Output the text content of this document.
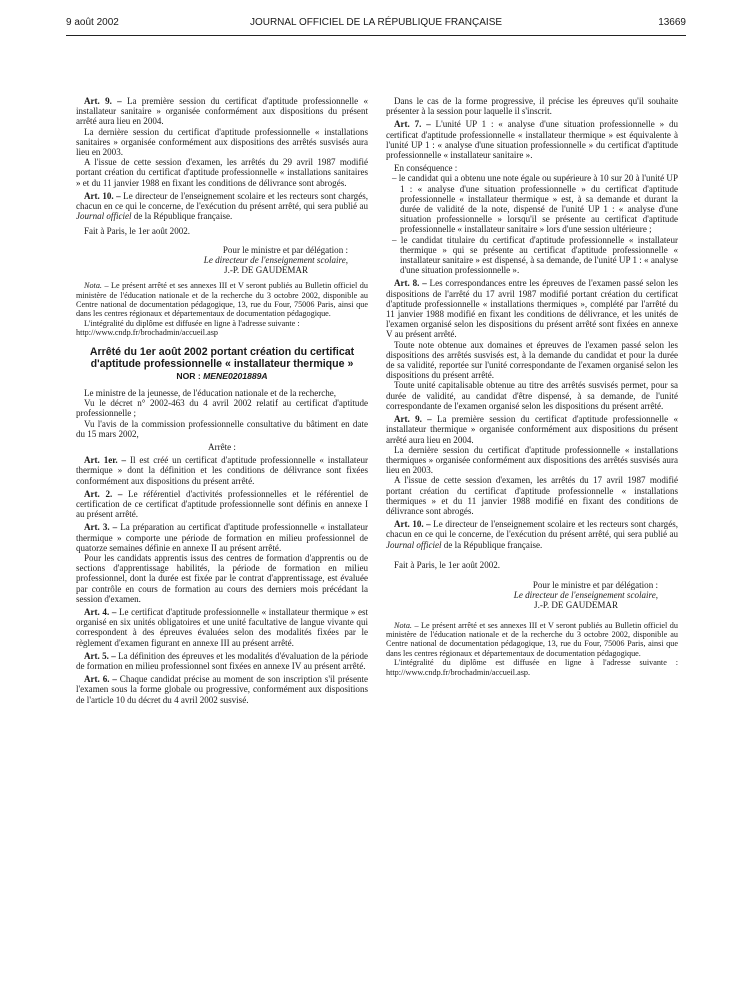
9 août 2002	JOURNAL OFFICIEL DE LA RÉPUBLIQUE FRANÇAISE	13669

Art. 9. – La première session du certificat d'aptitude professionnelle « installateur sanitaire » organisée conformément aux dispositions du présent arrêté aura lieu en 2004.

La dernière session du certificat d'aptitude professionnelle « installations sanitaires » organisée conformément aux dispositions des arrêtés susvisés aura lieu en 2003.

A l'issue de cette session d'examen, les arrêtés du 29 avril 1987 modifié portant création du certificat d'aptitude professionnelle « installations sanitaires » et du 11 janvier 1988 en fixant les conditions de délivrance sont abrogés.

Art. 10. – Le directeur de l'enseignement scolaire et les recteurs sont chargés, chacun en ce qui le concerne, de l'exécution du présent arrêté, qui sera publié au Journal officiel de la République française.

Fait à Paris, le 1er août 2002.

Pour le ministre et par délégation :

Le directeur de l'enseignement scolaire,

J.-P. DE GAUDEMAR

Nota. – Le présent arrêté et ses annexes III et V seront publiés au Bulletin officiel du ministère de l'éducation nationale et de la recherche du 3 octobre 2002, disponible au Centre national de documentation pédagogique, 13, rue du Four, 75006 Paris, ainsi que dans les centres régionaux et départementaux de documentation pédagogique.

L'intégralité du diplôme est diffusée en ligne à l'adresse suivante :

http://www.cndp.fr/brochadmin/accueil.asp

Arrêté du 1er août 2002 portant création du certificat d'aptitude professionnelle « installateur thermique »
NOR : MENE0201889A

Le ministre de la jeunesse, de l'éducation nationale et de la recherche,

Vu le décret n° 2002-463 du 4 avril 2002 relatif au certificat d'aptitude professionnelle ;

Vu l'avis de la commission professionnelle consultative du bâtiment en date du 15 mars 2002,

Arrête :

Art. 1er. – Il est créé un certificat d'aptitude professionnelle « installateur thermique » dont la définition et les conditions de délivrance sont fixées conformément aux dispositions du présent arrêté.

Art. 2. – Le référentiel d'activités professionnelles et le référentiel de certification de ce certificat d'aptitude professionnelle sont définis en annexe I au présent arrêté.

Art. 3. – La préparation au certificat d'aptitude professionnelle « installateur thermique » comporte une période de formation en milieu professionnel de quatorze semaines définie en annexe II au présent arrêté.

Pour les candidats apprentis issus des centres de formation d'apprentis ou de sections d'apprentissage habilités, la période de formation en milieu professionnel, dont la durée est fixée par le contrat d'apprentissage, est évaluée par contrôle en cours de formation au cours des derniers mois précédant la session d'examen.

Art. 4. – Le certificat d'aptitude professionnelle « installateur thermique » est organisé en six unités obligatoires et une unité facultative de langue vivante qui correspondent à des épreuves évaluées selon des modalités fixées par le règlement d'examen figurant en annexe III au présent arrêté.

Art. 5. – La définition des épreuves et les modalités d'évaluation de la période de formation en milieu professionnel sont fixées en annexe IV au présent arrêté.

Art. 6. – Chaque candidat précise au moment de son inscription s'il présente l'examen sous la forme globale ou progressive, conformément aux dispositions de l'article 10 du décret du 4 avril 2002 susvisé.

Dans le cas de la forme progressive, il précise les épreuves qu'il souhaite présenter à la session pour laquelle il s'inscrit.

Art. 7. – L'unité UP 1 : « analyse d'une situation professionnelle » du certificat d'aptitude professionnelle « installateur thermique » est équivalente à l'unité UP 1 : « analyse d'une situation professionnelle » du certificat d'aptitude professionnelle « installateur sanitaire ».

En conséquence :

– le candidat qui a obtenu une note égale ou supérieure à 10 sur 20 à l'unité UP 1 : « analyse d'une situation professionnelle » du certificat d'aptitude professionnelle « installateur thermique » est, à sa demande et durant la durée de validité de la note, dispensé de l'unité UP 1 : « analyse d'une situation professionnelle » lorsqu'il se présente au certificat d'aptitude professionnelle « installateur sanitaire » lors d'une session ultérieure ;

– le candidat titulaire du certificat d'aptitude professionnelle « installateur thermique » qui se présente au certificat d'aptitude professionnelle « installateur sanitaire » est dispensé, à sa demande, de l'unité UP 1 : « analyse d'une situation professionnelle ».

Art. 8. – Les correspondances entre les épreuves de l'examen passé selon les dispositions de l'arrêté du 17 avril 1987 modifié portant création du certificat d'aptitude professionnelle « installations thermiques », complété par l'arrêté du 11 janvier 1988 modifié en fixant les conditions de délivrance, et les unités de l'examen organisé selon les dispositions du présent arrêté sont fixées en annexe V au présent arrêté.

Toute note obtenue aux domaines et épreuves de l'examen passé selon les dispositions des arrêtés susvisés est, à la demande du candidat et pour la durée de sa validité, reportée sur l'unité correspondante de l'examen organisé selon les dispositions du présent arrêté.

Toute unité capitalisable obtenue au titre des arrêtés susvisés permet, pour sa durée de validité, au candidat d'être dispensé, à sa demande, de l'unité correspondante de l'examen organisé selon les dispositions du présent arrêté.

Art. 9. – La première session du certificat d'aptitude professionnelle « installateur thermique » organisée conformément aux dispositions du présent arrêté aura lieu en 2004.

La dernière session du certificat d'aptitude professionnelle « installations thermiques » organisée conformément aux dispositions des arrêtés susvisés aura lieu en 2003.

A l'issue de cette session d'examen, les arrêtés du 17 avril 1987 modifié portant création du certificat d'aptitude professionnelle « installations thermiques » et du 11 janvier 1988 modifié en fixant des conditions de délivrance sont abrogés.

Art. 10. – Le directeur de l'enseignement scolaire et les recteurs sont chargés, chacun en ce qui le concerne, de l'exécution du présent arrêté, qui sera publié au Journal officiel de la République française.

Fait à Paris, le 1er août 2002.

Pour le ministre et par délégation :

Le directeur de l'enseignement scolaire,

J.-P. DE GAUDEMAR

Nota. – Le présent arrêté et ses annexes III et V seront publiés au Bulletin officiel du ministère de l'éducation nationale et de la recherche du 3 octobre 2002, disponible au Centre national de documentation pédagogique, 13, rue du Four, 75006 Paris, ainsi que dans les centres régionaux et départementaux de documentation pédagogique.

L'intégralité du diplôme est diffusée en ligne à l'adresse suivante : http://www.cndp.fr/brochadmin/accueil.asp.
